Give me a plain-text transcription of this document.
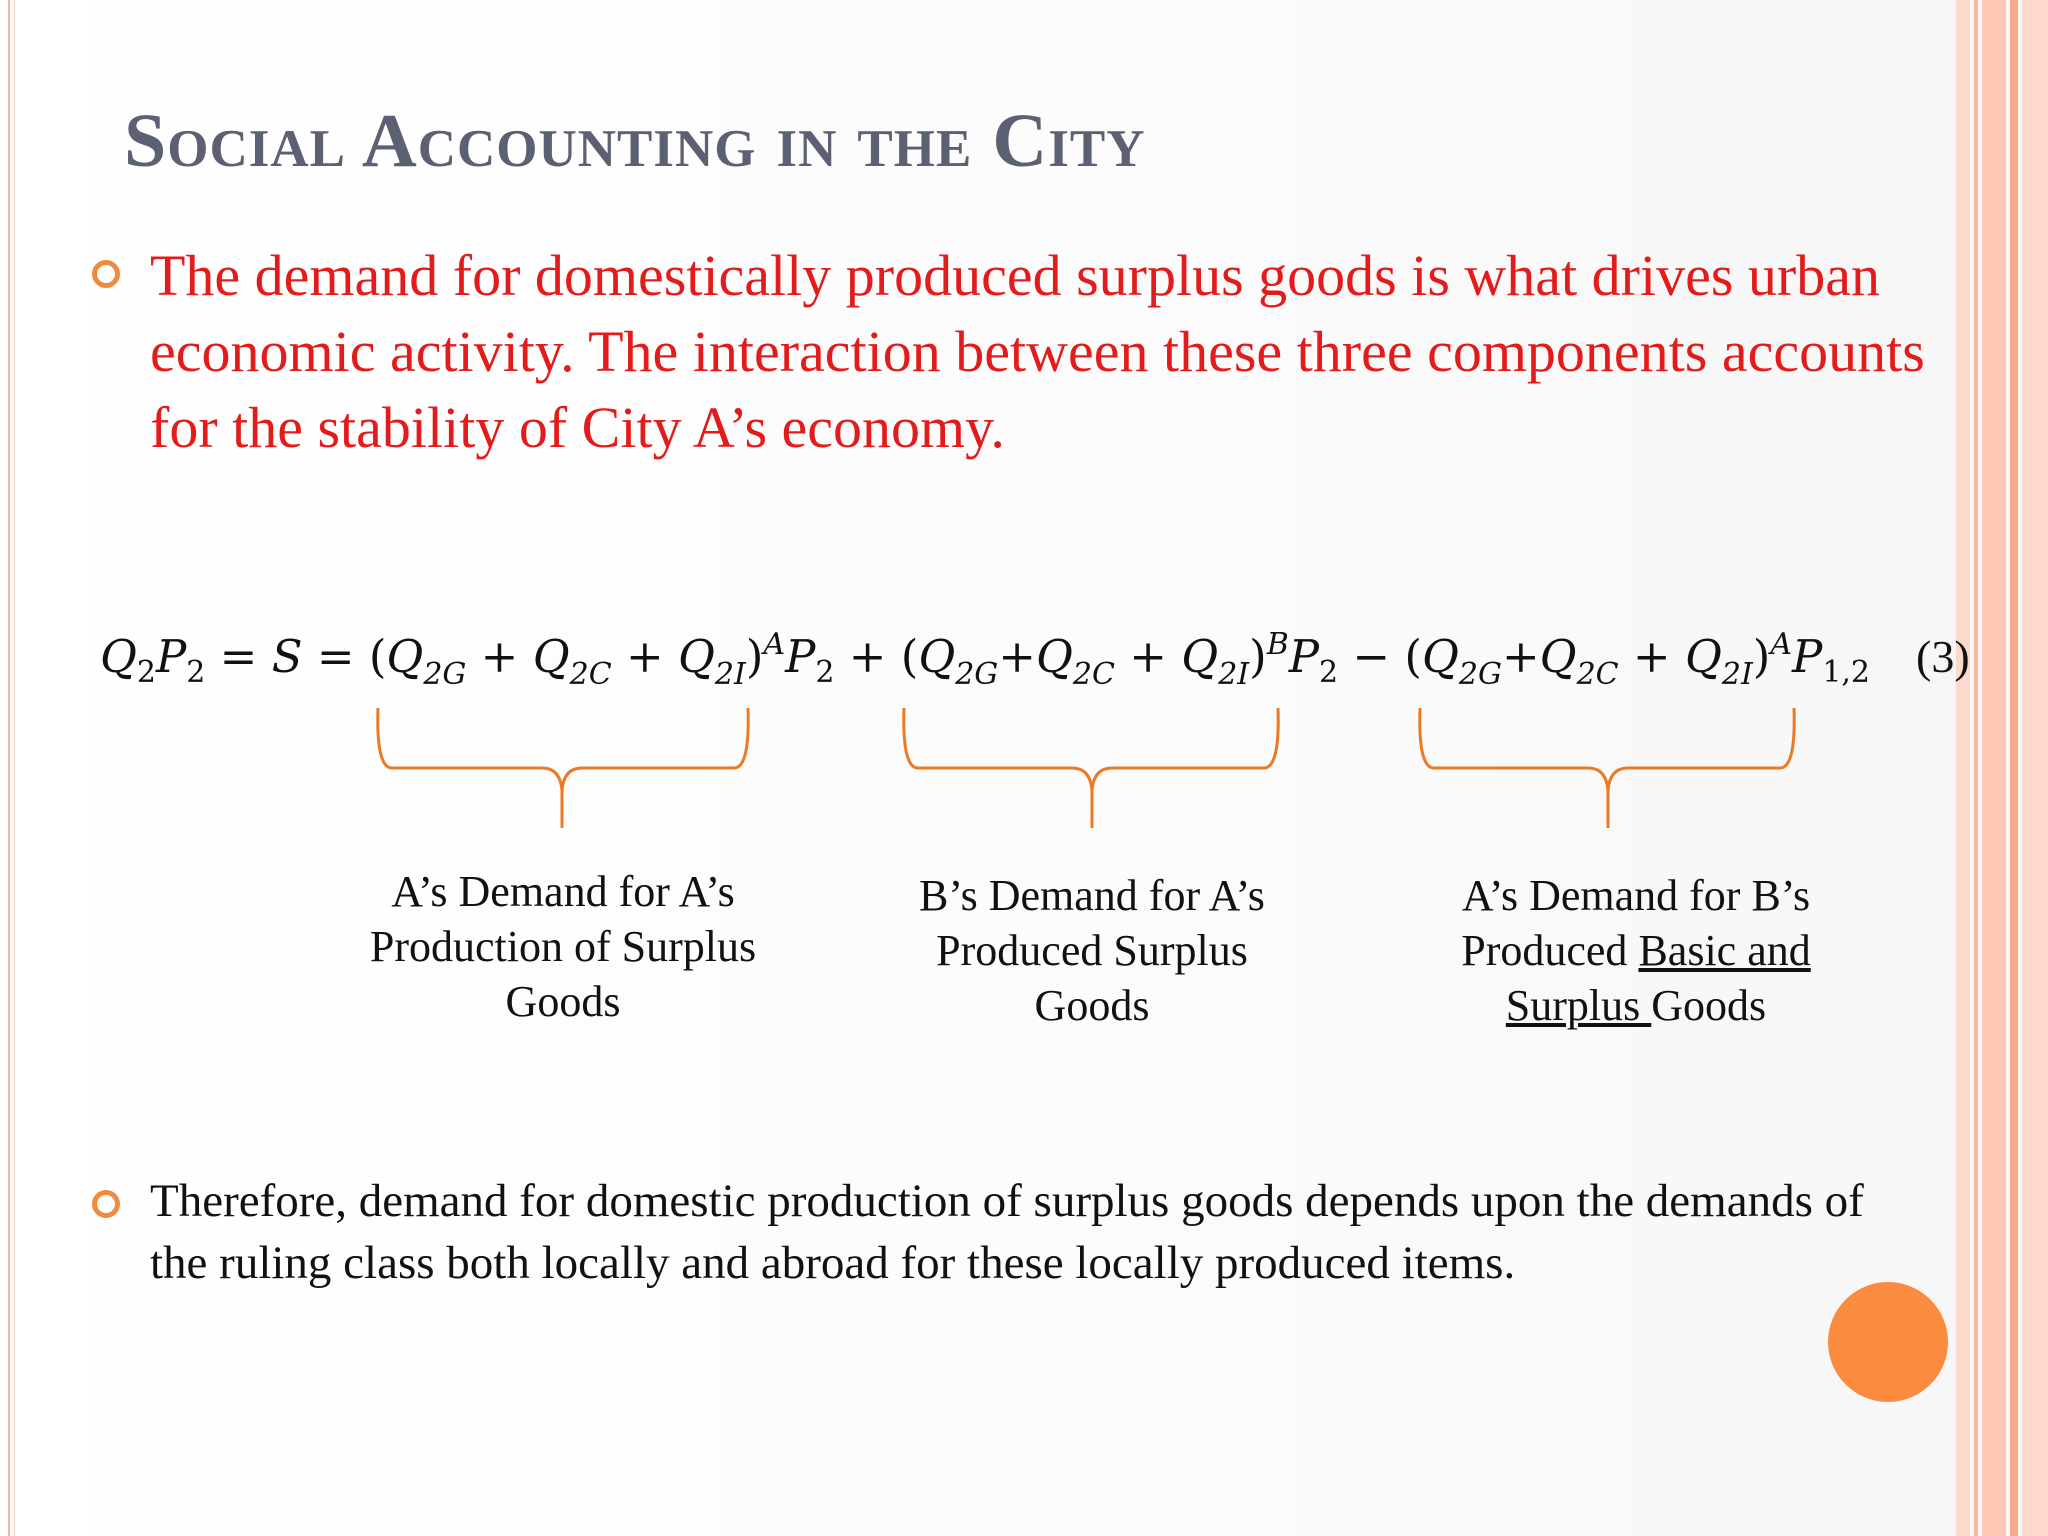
Social Accounting in the City

The demand for domestically produced surplus goods is what drives urban economic activity. The interaction between these three components accounts for the stability of City A’s economy.

$Q_2P_2 = S = (Q_{2G} + Q_{2C} + Q_{2I})^AP_2 + (Q_{2G}+Q_{2C} + Q_{2I})^BP_2 - (Q_{2G}+Q_{2C} + Q_{2I})^AP_{1,2}$ (3)
A’s Demand for A’s
Production of Surplus
Goods
B’s Demand for A’s
Produced Surplus
Goods
A’s Demand for B’s
Produced Basic and
Surplus Goods

Therefore, demand for domestic production of surplus goods depends upon the demands of the ruling class both locally and abroad for these locally produced items.
